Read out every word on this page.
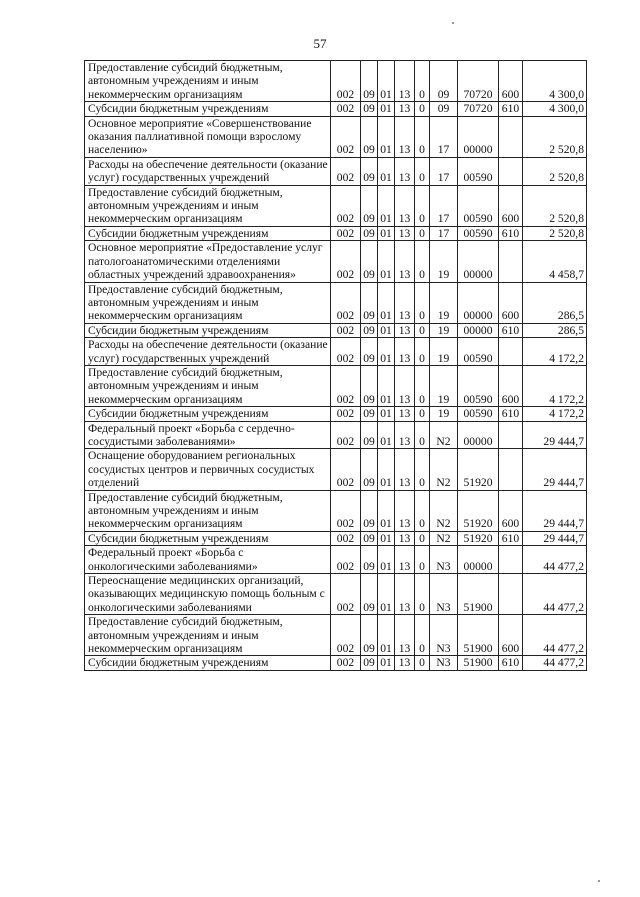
57
Предоставление субсидий бюджетным, автономным учреждениям и иным некоммерческим организациям	002	09	01	13	0	09	70720	600	4 300,0
Субсидии бюджетным учреждениям	002	09	01	13	0	09	70720	610	4 300,0
Основное мероприятие «Совершенствование оказания паллиативной помощи взрослому населению»	002	09	01	13	0	17	00000		2 520,8
Расходы на обеспечение деятельности (оказание услуг) государственных учреждений	002	09	01	13	0	17	00590		2 520,8
Предоставление субсидий бюджетным, автономным учреждениям и иным некоммерческим организациям	002	09	01	13	0	17	00590	600	2 520,8
Субсидии бюджетным учреждениям	002	09	01	13	0	17	00590	610	2 520,8
Основное мероприятие «Предоставление услуг патологоанатомическими отделениями областных учреждений здравоохранения»	002	09	01	13	0	19	00000		4 458,7
Предоставление субсидий бюджетным, автономным учреждениям и иным некоммерческим организациям	002	09	01	13	0	19	00000	600	286,5
Субсидии бюджетным учреждениям	002	09	01	13	0	19	00000	610	286,5
Расходы на обеспечение деятельности (оказание услуг) государственных учреждений	002	09	01	13	0	19	00590		4 172,2
Предоставление субсидий бюджетным, автономным учреждениям и иным некоммерческим организациям	002	09	01	13	0	19	00590	600	4 172,2
Субсидии бюджетным учреждениям	002	09	01	13	0	19	00590	610	4 172,2
Федеральный проект «Борьба с сердечно-сосудистыми заболеваниями»	002	09	01	13	0	N2	00000		29 444,7
Оснащение оборудованием региональных сосудистых центров и первичных сосудистых отделений	002	09	01	13	0	N2	51920		29 444,7
Предоставление субсидий бюджетным, автономным учреждениям и иным некоммерческим организациям	002	09	01	13	0	N2	51920	600	29 444,7
Субсидии бюджетным учреждениям	002	09	01	13	0	N2	51920	610	29 444,7
Федеральный проект «Борьба с онкологическими заболеваниями»	002	09	01	13	0	N3	00000		44 477,2
Переоснащение медицинских организаций, оказывающих медицинскую помощь больным с онкологическими заболеваниями	002	09	01	13	0	N3	51900		44 477,2
Предоставление субсидий бюджетным, автономным учреждениям и иным некоммерческим организациям	002	09	01	13	0	N3	51900	600	44 477,2
Субсидии бюджетным учреждениям	002	09	01	13	0	N3	51900	610	44 477,2
